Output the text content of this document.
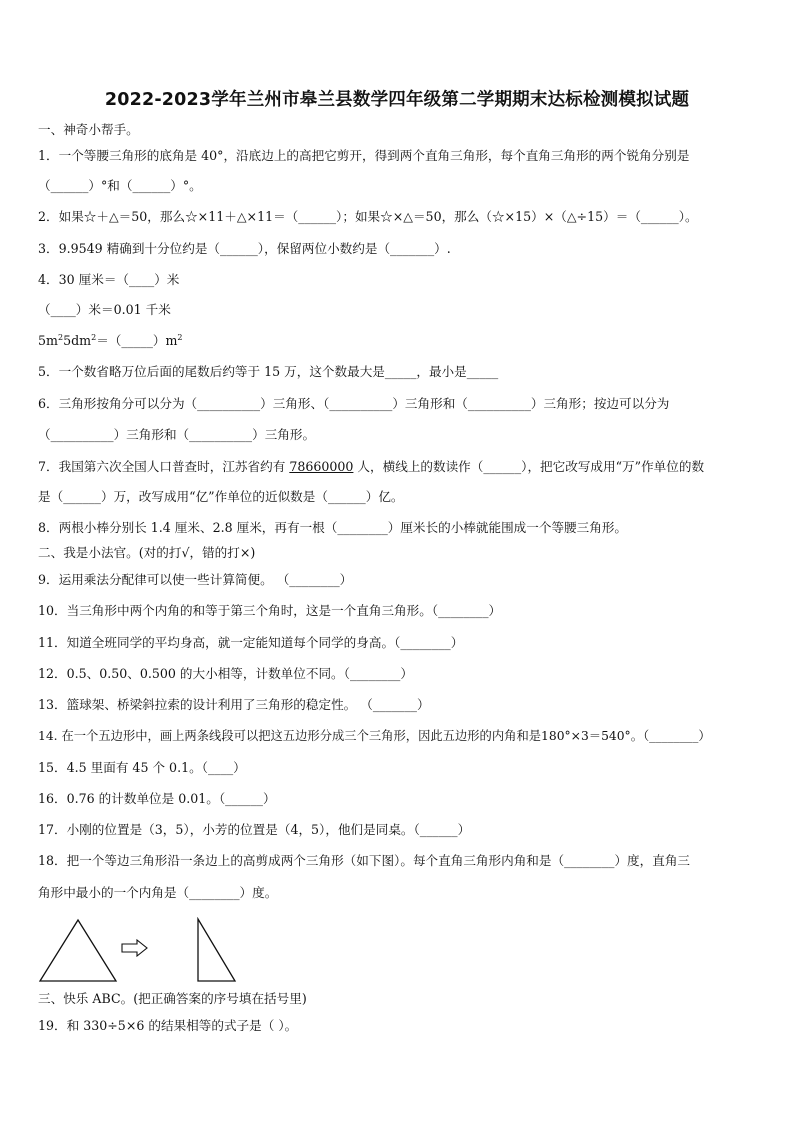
2022-2023学年兰州市皋兰县数学四年级第二学期期末达标检测模拟试题
一、神奇小帮手。
1．一个等腰三角形的底角是 40°，沿底边上的高把它剪开，得到两个直角三角形，每个直角三角形的两个锐角分别是
（______）°和（______）°。
2．如果☆＋△＝50，那么☆×11＋△×11＝（______）；如果☆×△＝50，那么（☆×15）×（△÷15）＝（______）。
3．9.9549 精确到十分位约是（______），保留两位小数约是（_______）.
4．30 厘米＝（____）米
（____）米＝0.01 千米
$5m^25dm^2=(\_\_\_\_\_)m^2$
5．一个数省略万位后面的尾数后约等于 15 万，这个数最大是_____，最小是_____
6．三角形按角分可以分为（__________）三角形、（__________）三角形和（__________）三角形；按边可以分为
（__________）三角形和（__________）三角形。
7．我国第六次全国人口普查时，江苏省约有 78660000 人，横线上的数读作（______），把它改写成用“万”作单位的数
是（______）万，改写成用“亿”作单位的近似数是（______）亿。
8．两根小棒分别长 1.4 厘米、2.8 厘米，再有一根（________）厘米长的小棒就能围成一个等腰三角形。
二、我是小法官。(对的打√，错的打×)
9．运用乘法分配律可以使一些计算简便。 （________）
10．当三角形中两个内角的和等于第三个角时，这是一个直角三角形。（________）
11．知道全班同学的平均身高，就一定能知道每个同学的身高。（________）
12．0.5、0.50、0.500 的大小相等，计数单位不同。（________）
13．篮球架、桥梁斜拉索的设计利用了三角形的稳定性。 （_______）
14. 在一个五边形中，画上两条线段可以把这五边形分成三个三角形，因此五边形的内角和是180°×3＝540°。（________）
15．4.5 里面有 45 个 0.1。（____）
16．0.76 的计数单位是 0.01。（______）
17．小刚的位置是（3，5），小芳的位置是（4，5），他们是同桌。（______）
18．把一个等边三角形沿一条边上的高剪成两个三角形（如下图）。每个直角三角形内角和是（________）度，直角三
角形中最小的一个内角是（________）度。
三、快乐 ABC。(把正确答案的序号填在括号里)
19．和 330÷5×6 的结果相等的式子是（ ）。
